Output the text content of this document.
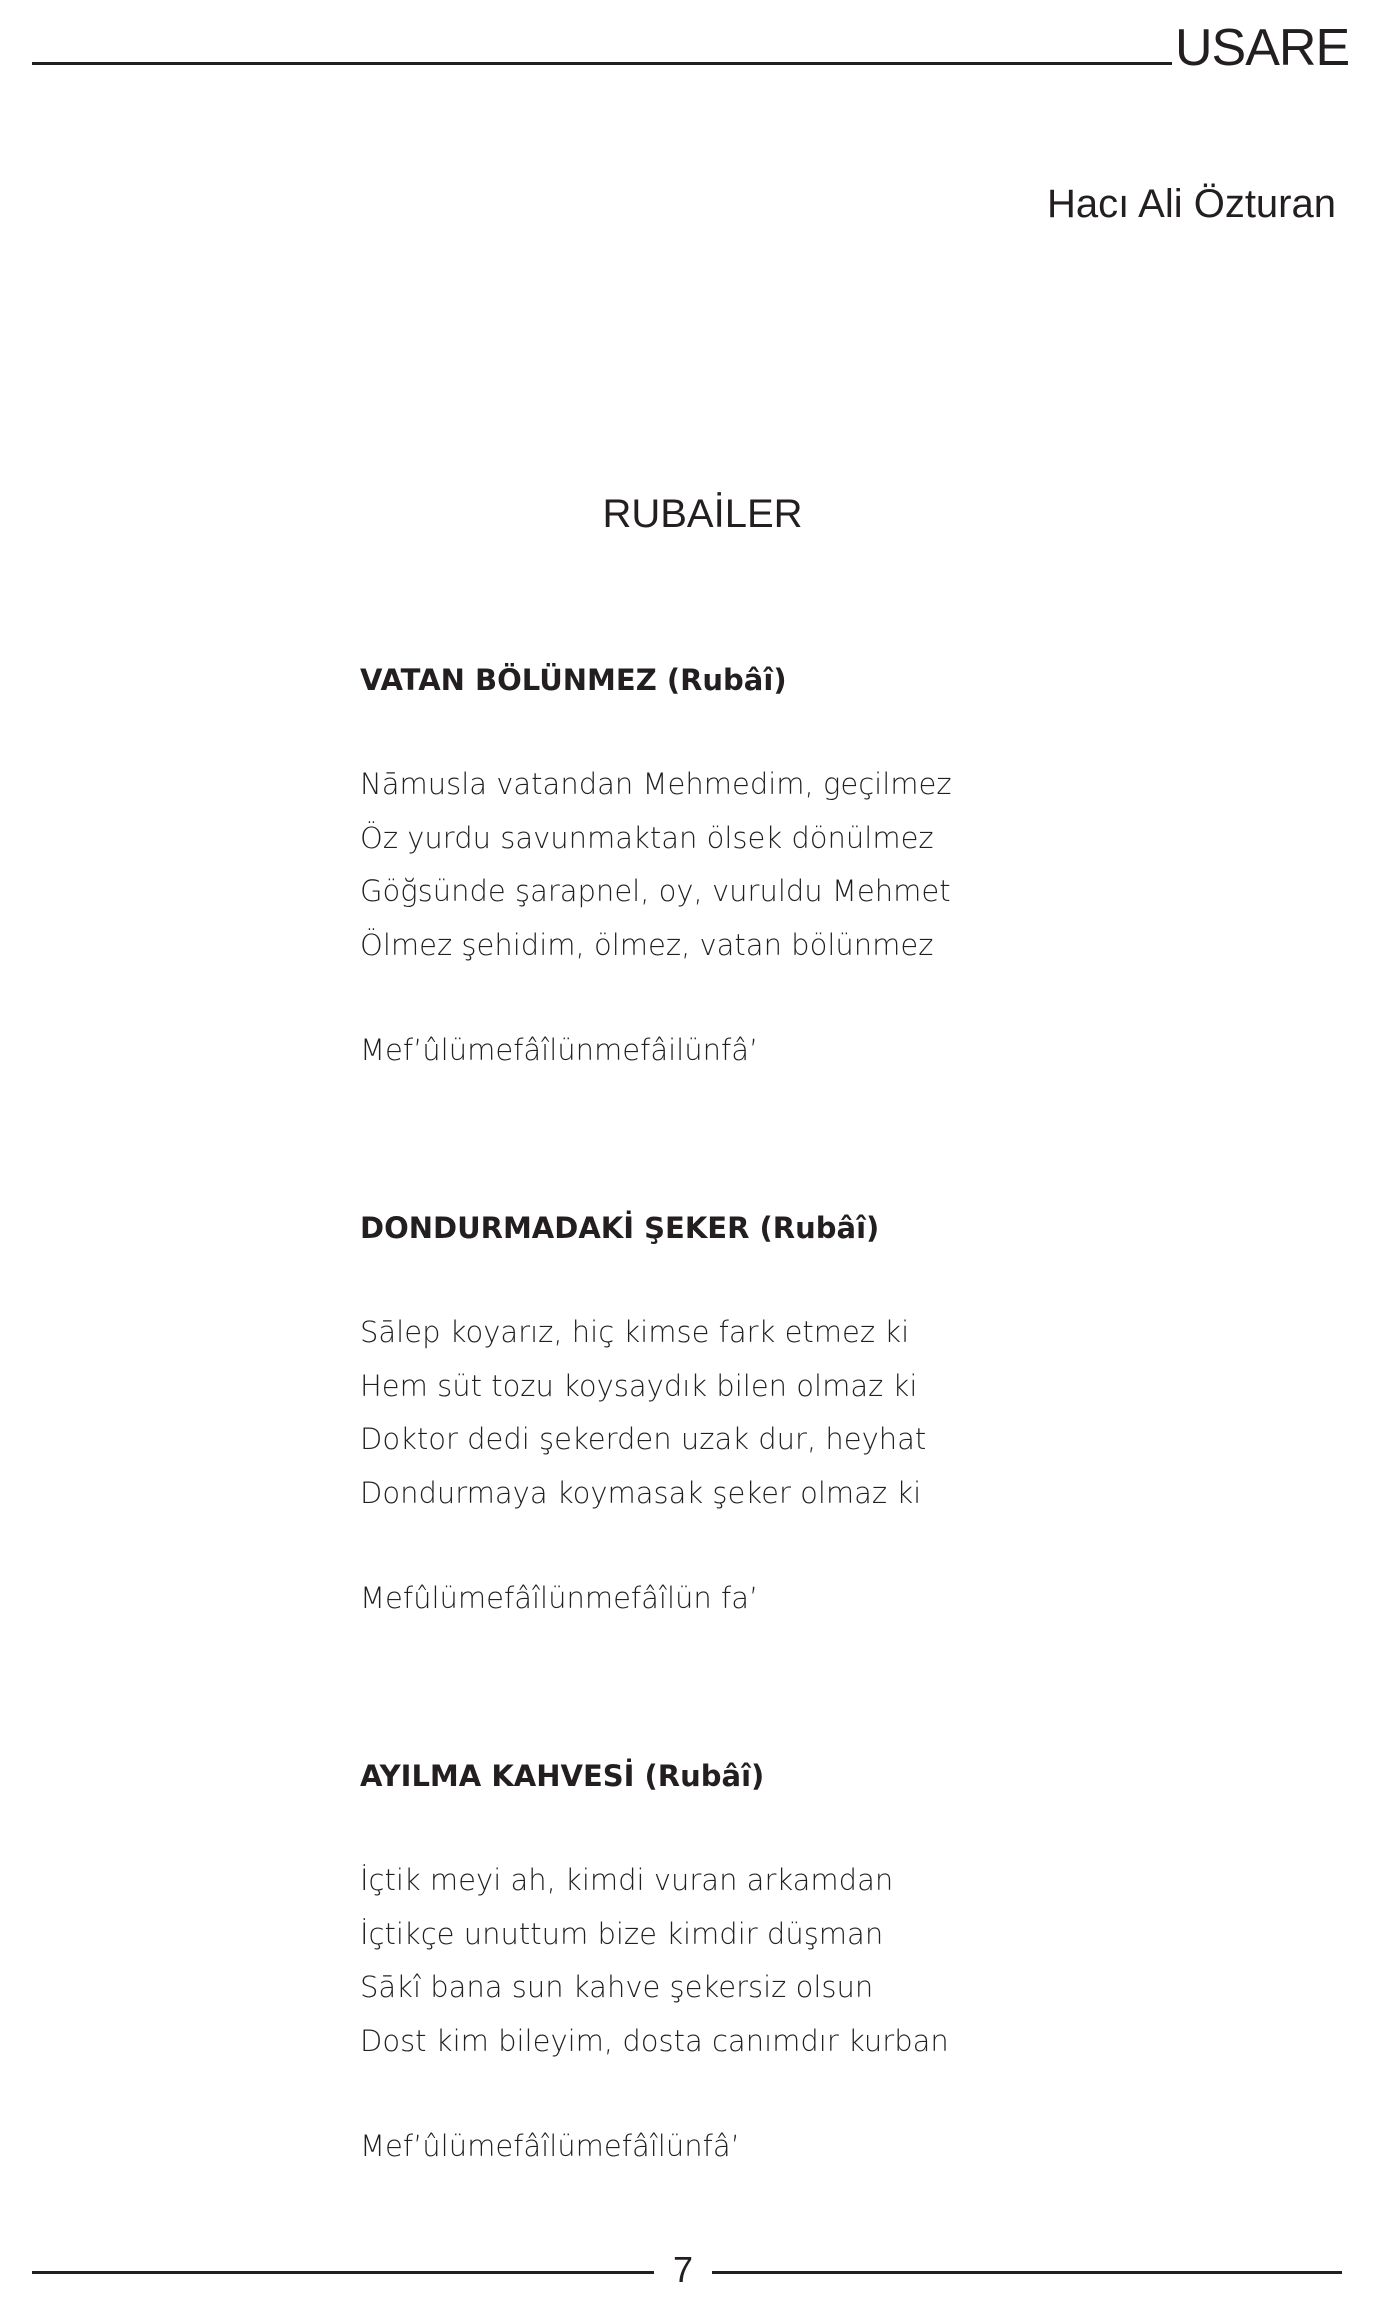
USARE
Hacı Ali Özturan
RUBAİLER
VATAN BÖLÜNMEZ (Rubâî)
Nāmusla vatandan Mehmedim, geçilmez
Öz yurdu savunmaktan ölsek dönülmez
Göğsünde şarapnel, oy, vuruldu Mehmet
Ölmez şehidim, ölmez, vatan bölünmez
Mef’ûlümefâîlünmefâilünfâ’
DONDURMADAKİ ŞEKER (Rubâî)
Sālep koyarız, hiç kimse fark etmez ki
Hem süt tozu koysaydık bilen olmaz ki
Doktor dedi şekerden uzak dur, heyhat
Dondurmaya koymasak şeker olmaz ki
Mefûlümefâîlünmefâîlün fa’
AYILMA KAHVESİ (Rubâî)
İçtik meyi ah, kimdi vuran arkamdan
İçtikçe unuttum bize kimdir düşman
Sākî bana sun kahve şekersiz olsun
Dost kim bileyim, dosta canımdır kurban
Mef’ûlümefâîlümefâîlünfâ’
7
